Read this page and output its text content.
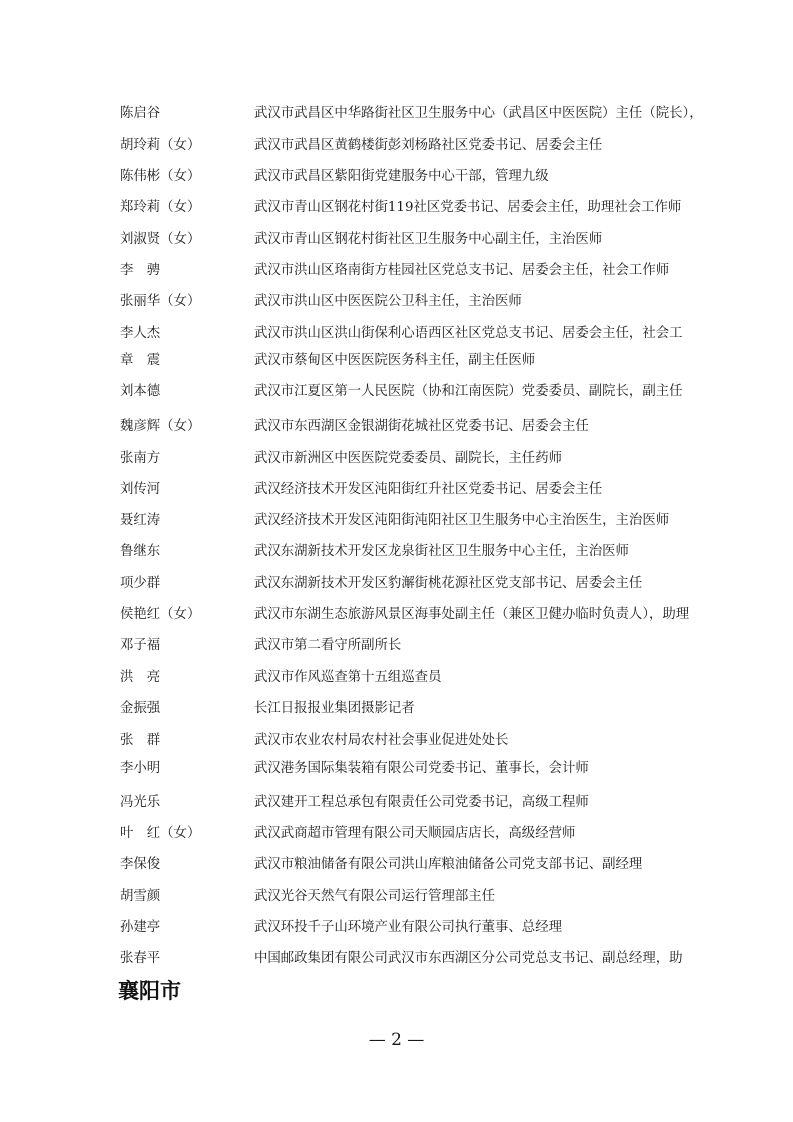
陈启谷	武汉市武昌区中华路街社区卫生服务中心（武昌区中医医院）主任（院长），
胡玲莉（女）	武汉市武昌区黄鹤楼街彭刘杨路社区党委书记、居委会主任
陈伟彬（女）	武汉市武昌区紫阳街党建服务中心干部，管理九级
郑玲莉（女）	武汉市青山区钢花村街119社区党委书记、居委会主任，助理社会工作师
刘淑贤（女）	武汉市青山区钢花村街社区卫生服务中心副主任，主治医师
李　骋	武汉市洪山区珞南街方桂园社区党总支书记、居委会主任，社会工作师
张丽华（女）	武汉市洪山区中医医院公卫科主任，主治医师
李人杰	武汉市洪山区洪山街保利心语西区社区党总支书记、居委会主任，社会工
章　震	武汉市蔡甸区中医医院医务科主任，副主任医师
刘本德	武汉市江夏区第一人民医院（协和江南医院）党委委员、副院长，副主任
魏彦辉（女）	武汉市东西湖区金银湖街花城社区党委书记、居委会主任
张南方	武汉市新洲区中医医院党委委员、副院长，主任药师
刘传河	武汉经济技术开发区沌阳街红升社区党委书记、居委会主任
聂红涛	武汉经济技术开发区沌阳街沌阳社区卫生服务中心主治医生，主治医师
鲁继东	武汉东湖新技术开发区龙泉街社区卫生服务中心主任，主治医师
项少群	武汉东湖新技术开发区豹澥街桃花源社区党支部书记、居委会主任
侯艳红（女）	武汉市东湖生态旅游风景区海事处副主任（兼区卫健办临时负责人），助理
邓子福	武汉市第二看守所副所长
洪　亮	武汉市作风巡查第十五组巡查员
金振强	长江日报报业集团摄影记者
张　群	武汉市农业农村局农村社会事业促进处处长
李小明	武汉港务国际集装箱有限公司党委书记、董事长，会计师
冯光乐	武汉建开工程总承包有限责任公司党委书记，高级工程师
叶　红（女）	武汉武商超市管理有限公司天顺园店店长，高级经营师
李保俊	武汉市粮油储备有限公司洪山库粮油储备公司党支部书记、副经理
胡雪颜	武汉光谷天然气有限公司运行管理部主任
孙建亭	武汉环投千子山环境产业有限公司执行董事、总经理
张春平	中国邮政集团有限公司武汉市东西湖区分公司党总支书记、副总经理，助
襄阳市
— 2 —
